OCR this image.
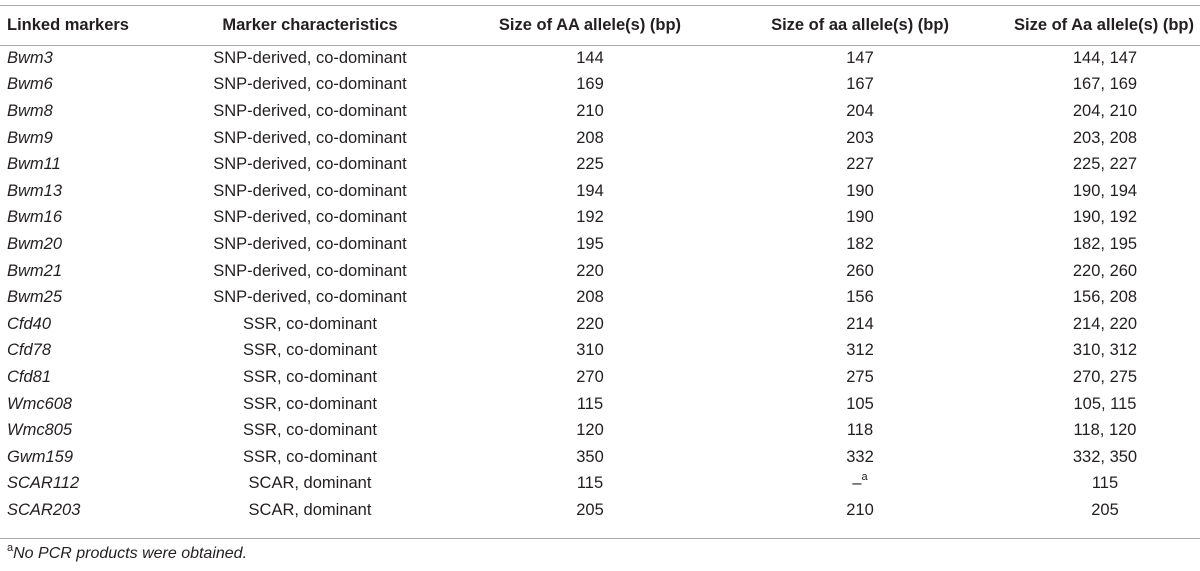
Linked markers	Marker characteristics	Size of AA allele(s) (bp)	Size of aa allele(s) (bp)	Size of Aa allele(s) (bp)
Bwm3	SNP-derived, co-dominant	144	147	144, 147
Bwm6	SNP-derived, co-dominant	169	167	167, 169
Bwm8	SNP-derived, co-dominant	210	204	204, 210
Bwm9	SNP-derived, co-dominant	208	203	203, 208
Bwm11	SNP-derived, co-dominant	225	227	225, 227
Bwm13	SNP-derived, co-dominant	194	190	190, 194
Bwm16	SNP-derived, co-dominant	192	190	190, 192
Bwm20	SNP-derived, co-dominant	195	182	182, 195
Bwm21	SNP-derived, co-dominant	220	260	220, 260
Bwm25	SNP-derived, co-dominant	208	156	156, 208
Cfd40	SSR, co-dominant	220	214	214, 220
Cfd78	SSR, co-dominant	310	312	310, 312
Cfd81	SSR, co-dominant	270	275	270, 275
Wmc608	SSR, co-dominant	115	105	105, 115
Wmc805	SSR, co-dominant	120	118	118, 120
Gwm159	SSR, co-dominant	350	332	332, 350
SCAR112	SCAR, dominant	115	–$^a$	115
SCAR203	SCAR, dominant	205	210	205
$^a$No PCR products were obtained.
